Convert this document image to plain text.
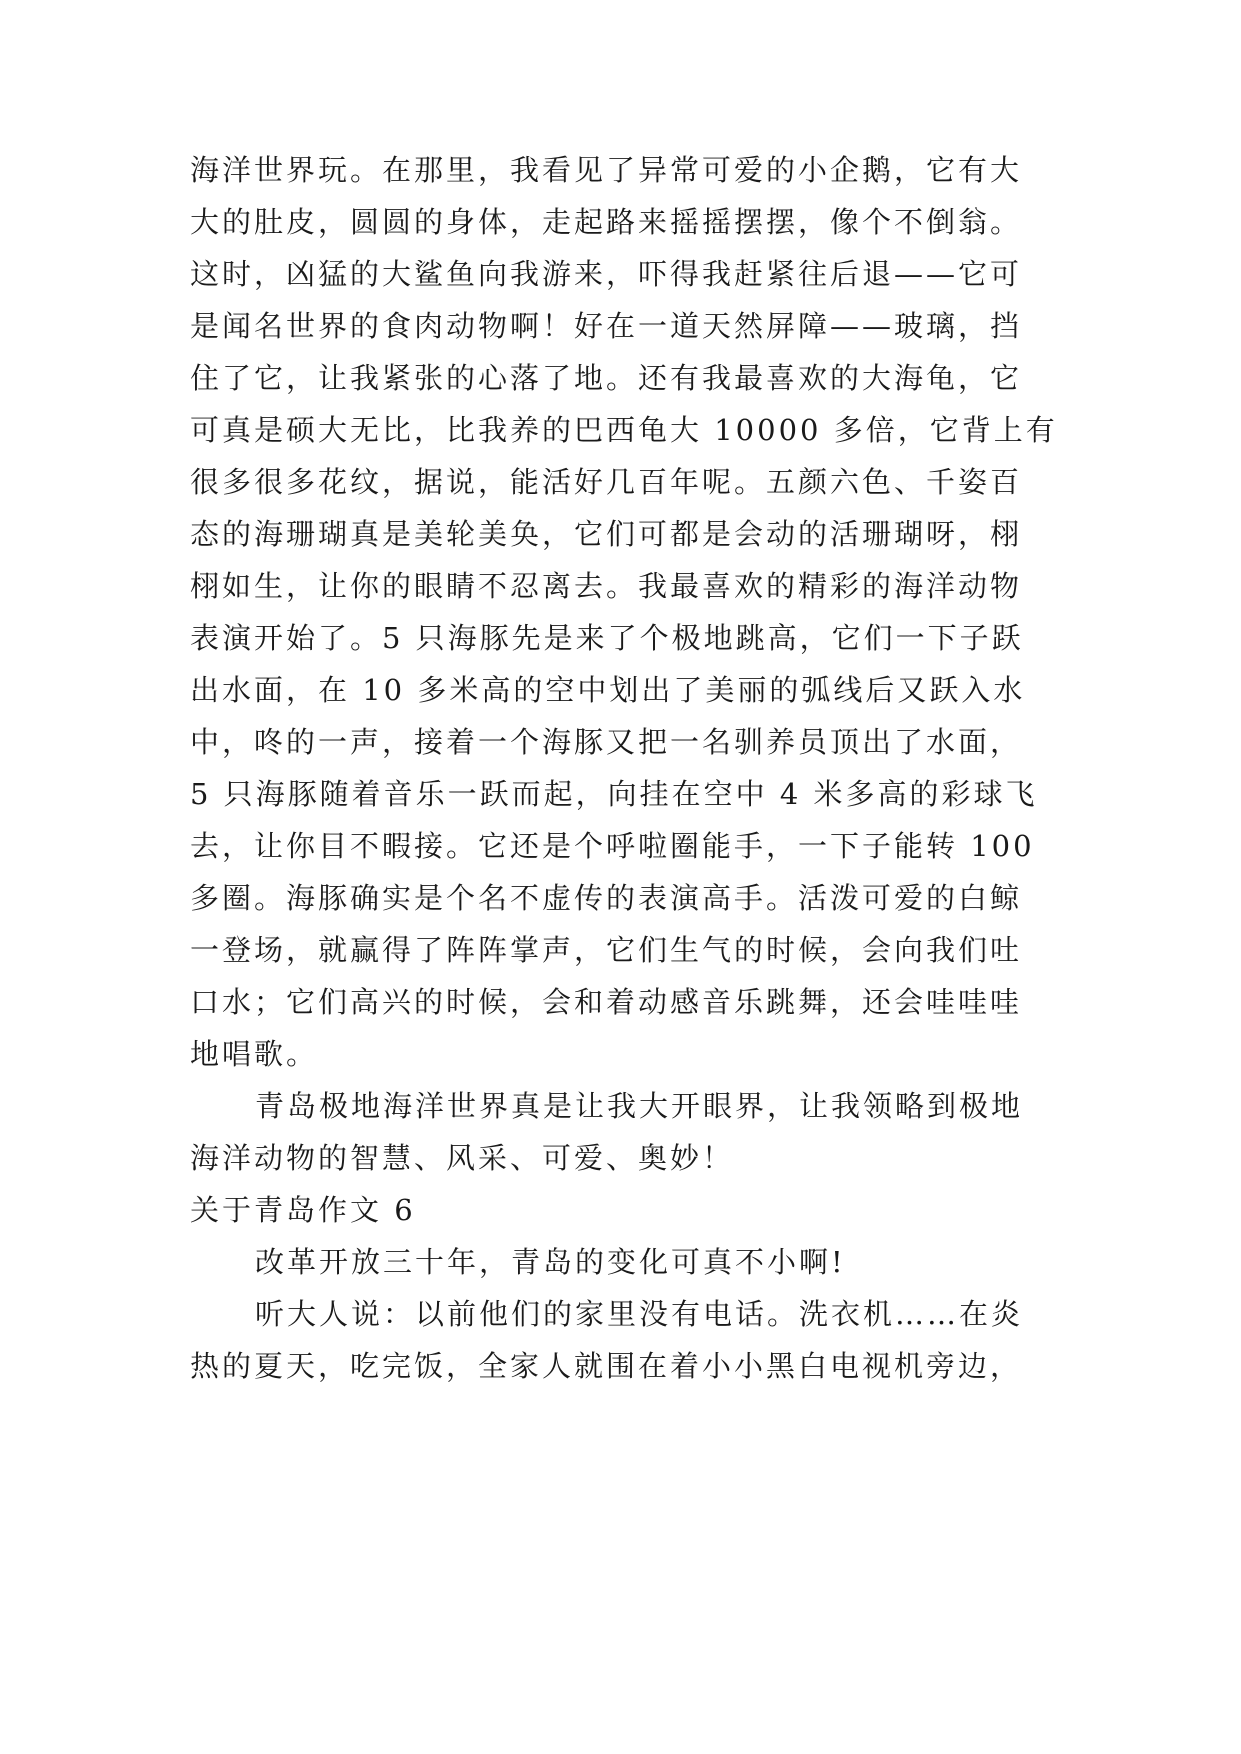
海洋世界玩。在那里，我看见了异常可爱的小企鹅，它有大
大的肚皮，圆圆的身体，走起路来摇摇摆摆，像个不倒翁。
这时，凶猛的大鲨鱼向我游来，吓得我赶紧往后退——它可
是闻名世界的食肉动物啊！好在一道天然屏障——玻璃，挡
住了它，让我紧张的心落了地。还有我最喜欢的大海龟，它
可真是硕大无比，比我养的巴西龟大 10000 多倍，它背上有
很多很多花纹，据说，能活好几百年呢。五颜六色、千姿百
态的海珊瑚真是美轮美奂，它们可都是会动的活珊瑚呀，栩
栩如生，让你的眼睛不忍离去。我最喜欢的精彩的海洋动物
表演开始了。5 只海豚先是来了个极地跳高，它们一下子跃
出水面，在 10 多米高的空中划出了美丽的弧线后又跃入水
中，咚的一声，接着一个海豚又把一名驯养员顶出了水面，
5 只海豚随着音乐一跃而起，向挂在空中 4 米多高的彩球飞
去，让你目不暇接。它还是个呼啦圈能手，一下子能转 100
多圈。海豚确实是个名不虚传的表演高手。活泼可爱的白鲸
一登场，就赢得了阵阵掌声，它们生气的时候，会向我们吐
口水；它们高兴的时候，会和着动感音乐跳舞，还会哇哇哇
地唱歌。
青岛极地海洋世界真是让我大开眼界，让我领略到极地
海洋动物的智慧、风采、可爱、奥妙！
关于青岛作文 6
改革开放三十年，青岛的变化可真不小啊!
听大人说：以前他们的家里没有电话。洗衣机……在炎
热的夏天，吃完饭，全家人就围在着小小黑白电视机旁边，
